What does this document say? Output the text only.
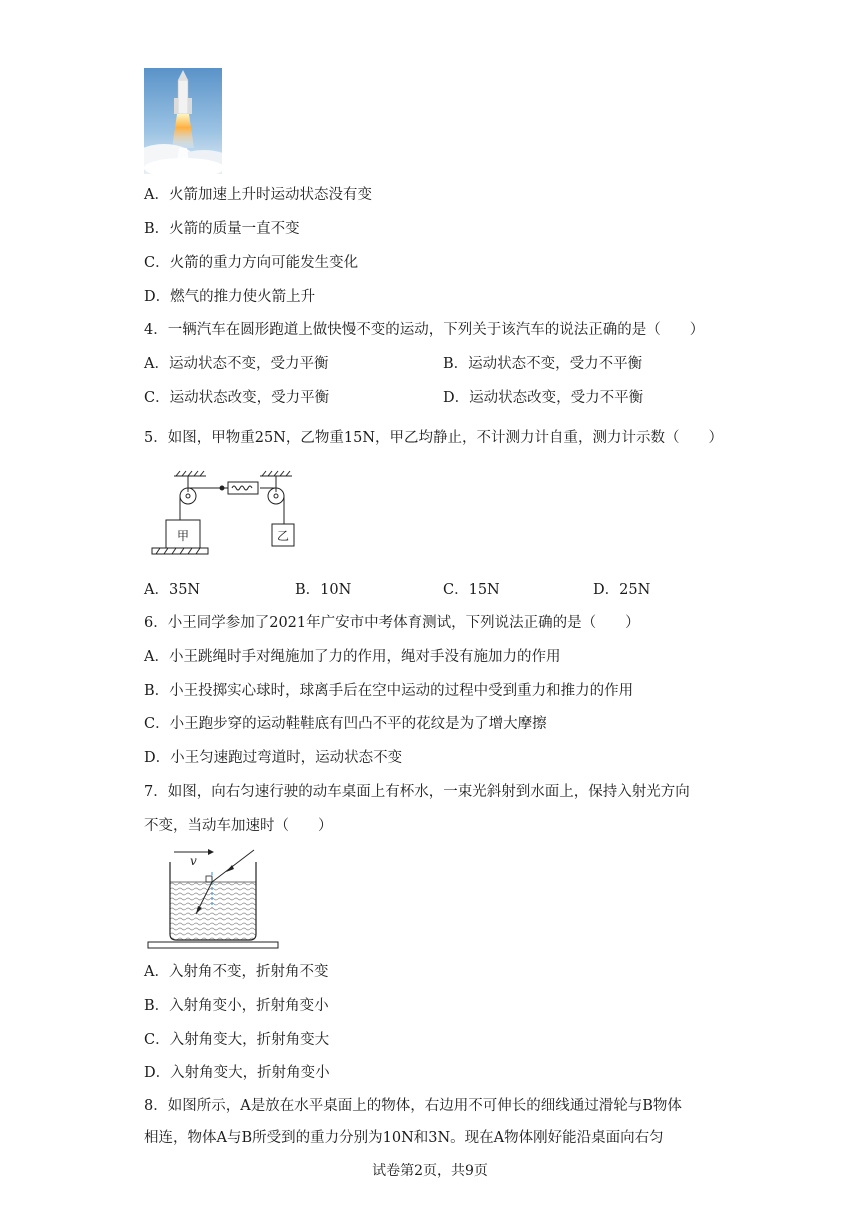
A．火箭加速上升时运动状态没有变
B．火箭的质量一直不变
C．火箭的重力方向可能发生变化
D．燃气的推力使火箭上升
4．一辆汽车在圆形跑道上做快慢不变的运动，下列关于该汽车的说法正确的是（　　）
A．运动状态不变，受力平衡	B．运动状态不变，受力不平衡
C．运动状态改变，受力平衡	D．运动状态改变，受力不平衡
5．如图，甲物重25N，乙物重15N，甲乙均静止，不计测力计自重，测力计示数（　　）
甲	乙
A．35N	B．10N	C．15N	D．25N
6．小王同学参加了2021年广安市中考体育测试，下列说法正确的是（　　）
A．小王跳绳时手对绳施加了力的作用，绳对手没有施加力的作用
B．小王投掷实心球时，球离手后在空中运动的过程中受到重力和推力的作用
C．小王跑步穿的运动鞋鞋底有凹凸不平的花纹是为了增大摩擦
D．小王匀速跑过弯道时，运动状态不变
7．如图，向右匀速行驶的动车桌面上有杯水，一束光斜射到水面上，保持入射光方向
不变，当动车加速时（　　）
v
A．入射角不变，折射角不变
B．入射角变小，折射角变小
C．入射角变大，折射角变大
D．入射角变大，折射角变小
8．如图所示，A是放在水平桌面上的物体，右边用不可伸长的细线通过滑轮与B物体
相连，物体A与B所受到的重力分别为10N和3N。现在A物体刚好能沿桌面向右匀
试卷第2页，共9页
